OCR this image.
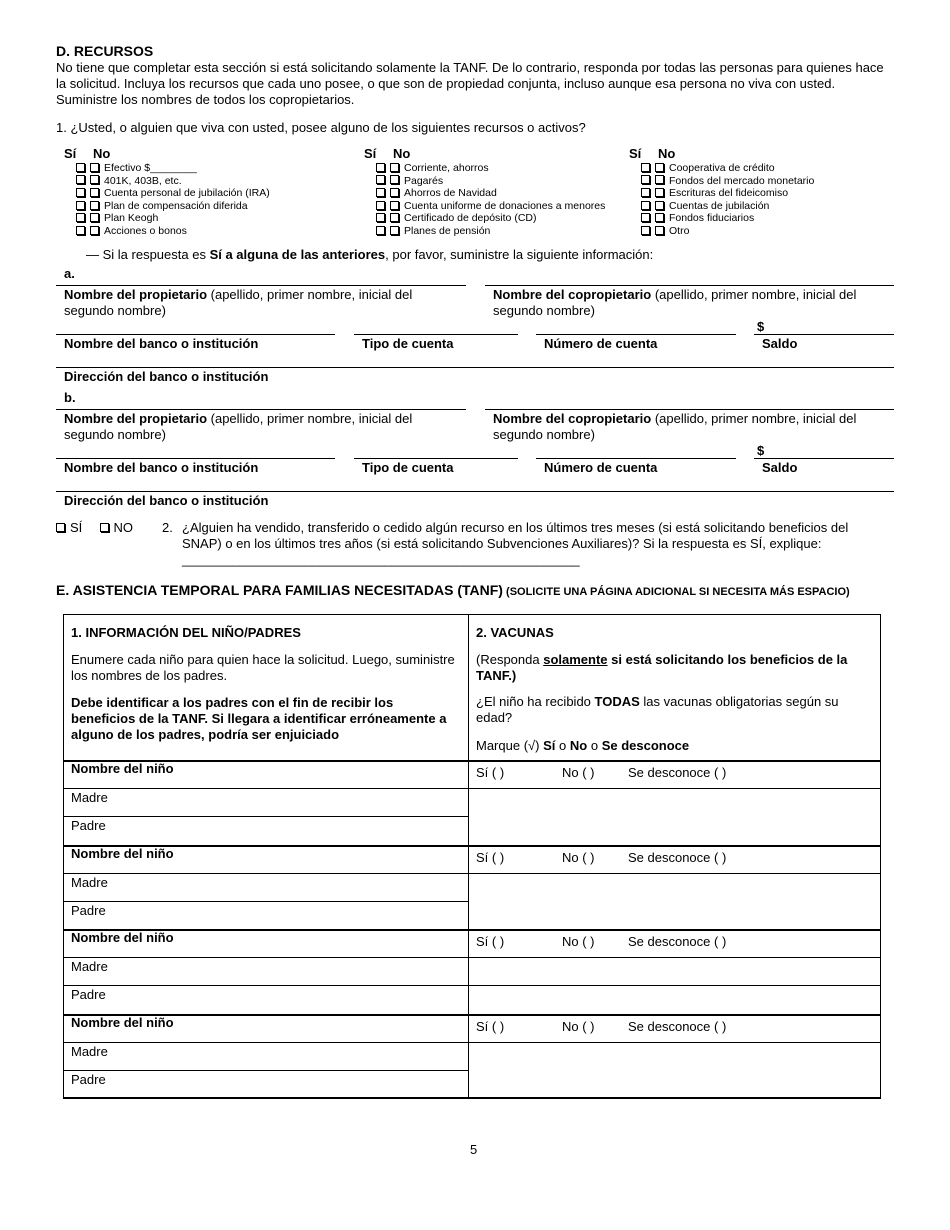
D. RECURSOS
No tiene que completar esta sección si está solicitando solamente la TANF. De lo contrario, responda por todas las personas para quienes hace la solicitud. Incluya los recursos que cada uno posee, o que son de propiedad conjunta, incluso aunque esa persona no viva con usted. Suministre los nombres de todos los copropietarios.
1. ¿Usted, o alguien que viva con usted, posee alguno de los siguientes recursos o activos?
Sí No
Efectivo $________
401K, 403B, etc.
Cuenta personal de jubilación (IRA)
Plan de compensación diferida
Plan Keogh
Acciones o bonos
Sí No
Corriente, ahorros
Pagarés
Ahorros de Navidad
Cuenta uniforme de donaciones a menores
Certificado de depósito (CD)
Planes de pensión
Sí No
Cooperativa de crédito
Fondos del mercado monetario
Escrituras del fideicomiso
Cuentas de jubilación
Fondos fiduciarios
Otro
— Si la respuesta es Sí a alguna de las anteriores, por favor, suministre la siguiente información:
a.
Nombre del propietario (apellido, primer nombre, inicial del segundo nombre)
Nombre del copropietario (apellido, primer nombre, inicial del segundo nombre)
$
Nombre del banco o institución	Tipo de cuenta	Número de cuenta	Saldo
Dirección del banco o institución
b.
Nombre del propietario (apellido, primer nombre, inicial del segundo nombre)
Nombre del copropietario (apellido, primer nombre, inicial del segundo nombre)
$
Nombre del banco o institución	Tipo de cuenta	Número de cuenta	Saldo
Dirección del banco o institución
SÍ NO 2. ¿Alguien ha vendido, transferido o cedido algún recurso en los últimos tres meses (si está solicitando beneficios del SNAP) o en los últimos tres años (si está solicitando Subvenciones Auxiliares)? Si la respuesta es SÍ, explique: _______________________________________________________
E. ASISTENCIA TEMPORAL PARA FAMILIAS NECESITADAS (TANF) (SOLICITE UNA PÁGINA ADICIONAL SI NECESITA MÁS ESPACIO)
1. INFORMACIÓN DEL NIÑO/PADRES
Enumere cada niño para quien hace la solicitud. Luego, suministre los nombres de los padres.
Debe identificar a los padres con el fin de recibir los beneficios de la TANF. Si llegara a identificar erróneamente a alguno de los padres, podría ser enjuiciado
2. VACUNAS
(Responda solamente si está solicitando los beneficios de la TANF.)
¿El niño ha recibido TODAS las vacunas obligatorias según su edad?
Marque (√) Sí o No o Se desconoce
Nombre del niño	Sí ( )	No ( )	Se desconoce ( )
Madre
Padre
Nombre del niño	Sí ( )	No ( )	Se desconoce ( )
Madre
Padre
Nombre del niño	Sí ( )	No ( )	Se desconoce ( )
Madre
Padre
Nombre del niño	Sí ( )	No ( )	Se desconoce ( )
Madre
Padre
5
